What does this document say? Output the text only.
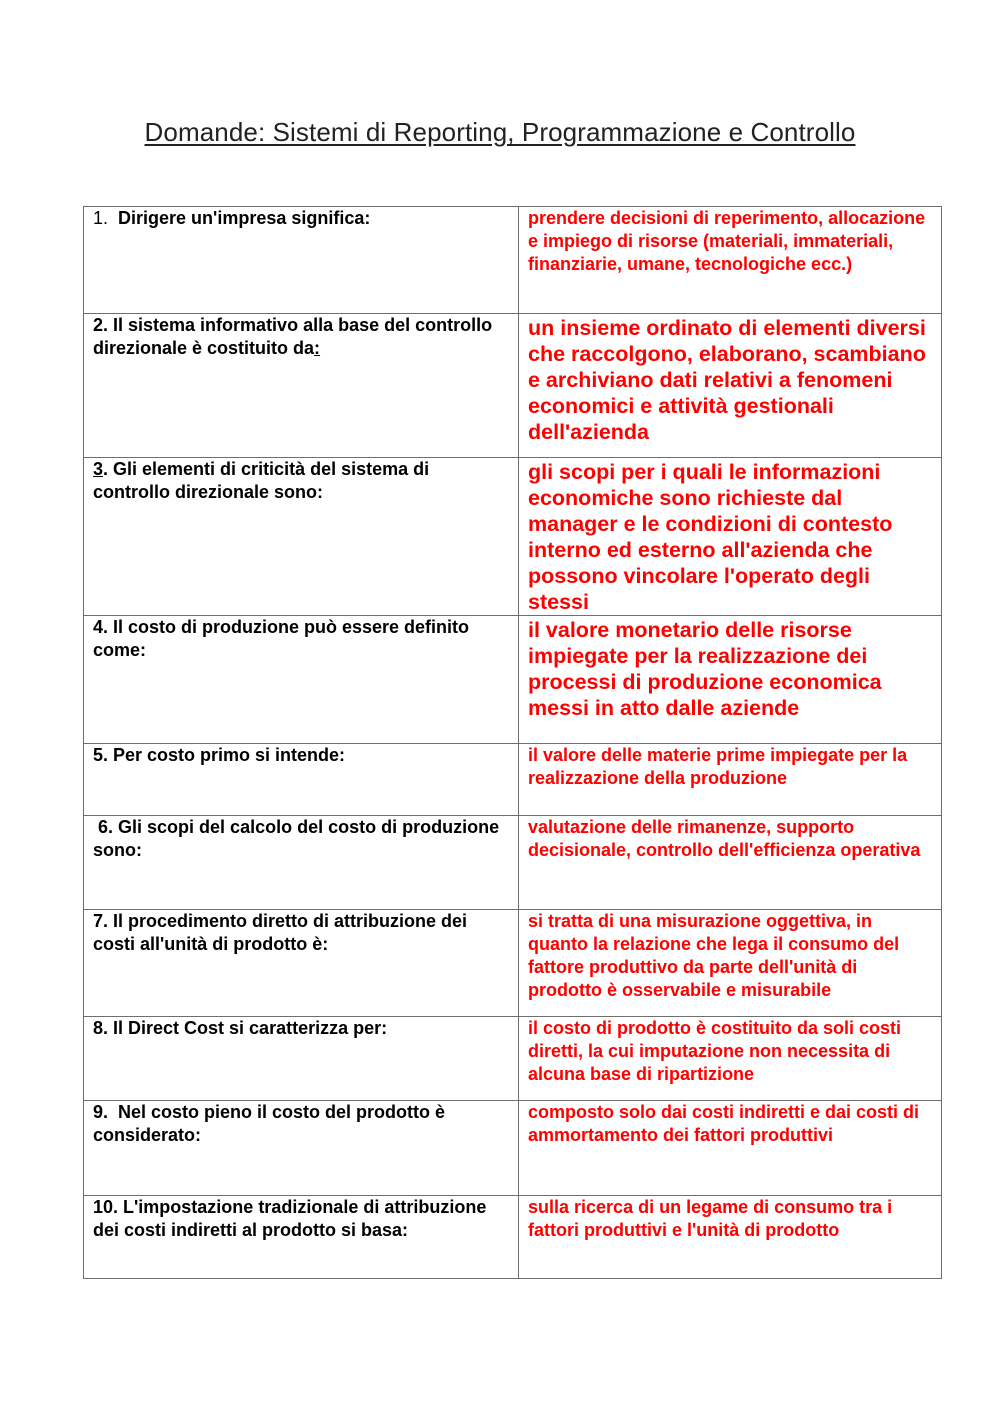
Domande: Sistemi di Reporting, Programmazione e Controllo
1. Dirigere un'impresa significa:	prendere decisioni di reperimento, allocazione e impiego di risorse (materiali, immateriali, finanziarie, umane, tecnologiche ecc.)
2. Il sistema informativo alla base del controllo direzionale è costituito da:	un insieme ordinato di elementi diversi che raccolgono, elaborano, scambiano e archiviano dati relativi a fenomeni economici e attività gestionali dell'azienda
3. Gli elementi di criticità del sistema di controllo direzionale sono:	gli scopi per i quali le informazioni economiche sono richieste dal manager e le condizioni di contesto interno ed esterno all'azienda che possono vincolare l'operato degli stessi
4. Il costo di produzione può essere definito come:	il valore monetario delle risorse impiegate per la realizzazione dei processi di produzione economica messi in atto dalle aziende
5. Per costo primo si intende:	il valore delle materie prime impiegate per la realizzazione della produzione
6. Gli scopi del calcolo del costo di produzione sono:	valutazione delle rimanenze, supporto decisionale, controllo dell'efficienza operativa
7. Il procedimento diretto di attribuzione dei costi all'unità di prodotto è:	si tratta di una misurazione oggettiva, in quanto la relazione che lega il consumo del fattore produttivo da parte dell'unità di prodotto è osservabile e misurabile
8. Il Direct Cost si caratterizza per:	il costo di prodotto è costituito da soli costi diretti, la cui imputazione non necessita di alcuna base di ripartizione
9.  Nel costo pieno il costo del prodotto è considerato:	composto solo dai costi indiretti e dai costi di ammortamento dei fattori produttivi
10. L'impostazione tradizionale di attribuzione dei costi indiretti al prodotto si basa:	sulla ricerca di un legame di consumo tra i fattori produttivi e l'unità di prodotto
